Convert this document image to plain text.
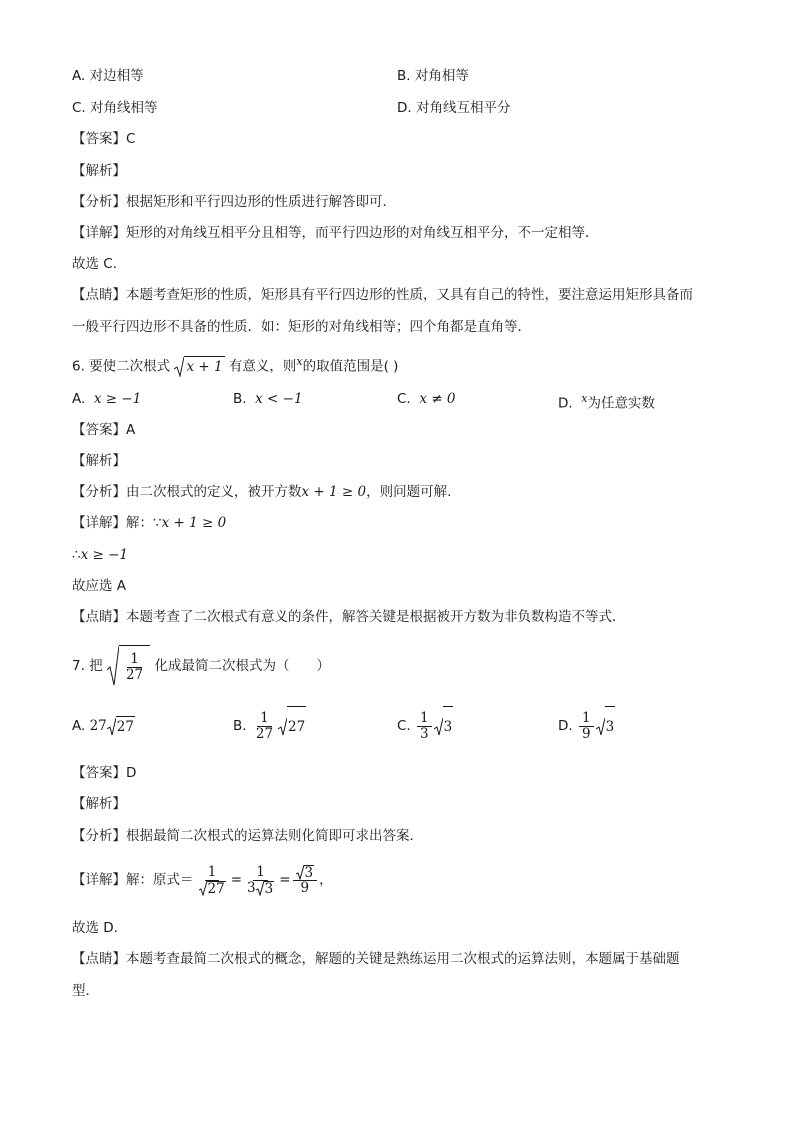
A. 对边相等	B. 对角相等
C. 对角线相等	D. 对角线互相平分
【答案】C
【解析】
【分析】根据矩形和平行四边形的性质进行解答即可．
【详解】矩形的对角线互相平分且相等，而平行四边形的对角线互相平分，不一定相等．
故选 C．
【点睛】本题考查矩形的性质，矩形具有平行四边形的性质，又具有自己的特性，要注意运用矩形具备而
一般平行四边形不具备的性质．如：矩形的对角线相等；四个角都是直角等．
6. 要使二次根式 x + 1 有意义，则$^x$的取值范围是( )
A. x ≥ −1	B. x < −1	C. x ≠ 0	D. $^x$为任意实数
【答案】A
【解析】
【分析】由二次根式的定义，被开方数x + 1 ≥ 0，则问题可解.
【详解】解：∵x + 1 ≥ 0
∴x ≥ −1
故应选 A
【点睛】本题考查了二次根式有意义的条件，解答关键是根据被开方数为非负数构造不等式．
7. 把 $\frac{1}{27}$ 化成最简二次根式为（　　）
A. 27 27	B. $\frac{1}{27} 27$	C. $\frac{1}{3} 3$	D. $\frac{1}{9} 3$
【答案】D
【解析】
【分析】根据最简二次根式的运算法则化简即可求出答案．
【详解】解：原式＝ $\frac{1}{27} = \frac{1}{3 3} = \frac{3}{9}$ ，
故选 D．
【点睛】本题考查最简二次根式的概念，解题的关键是熟练运用二次根式的运算法则，本题属于基础题
型．
